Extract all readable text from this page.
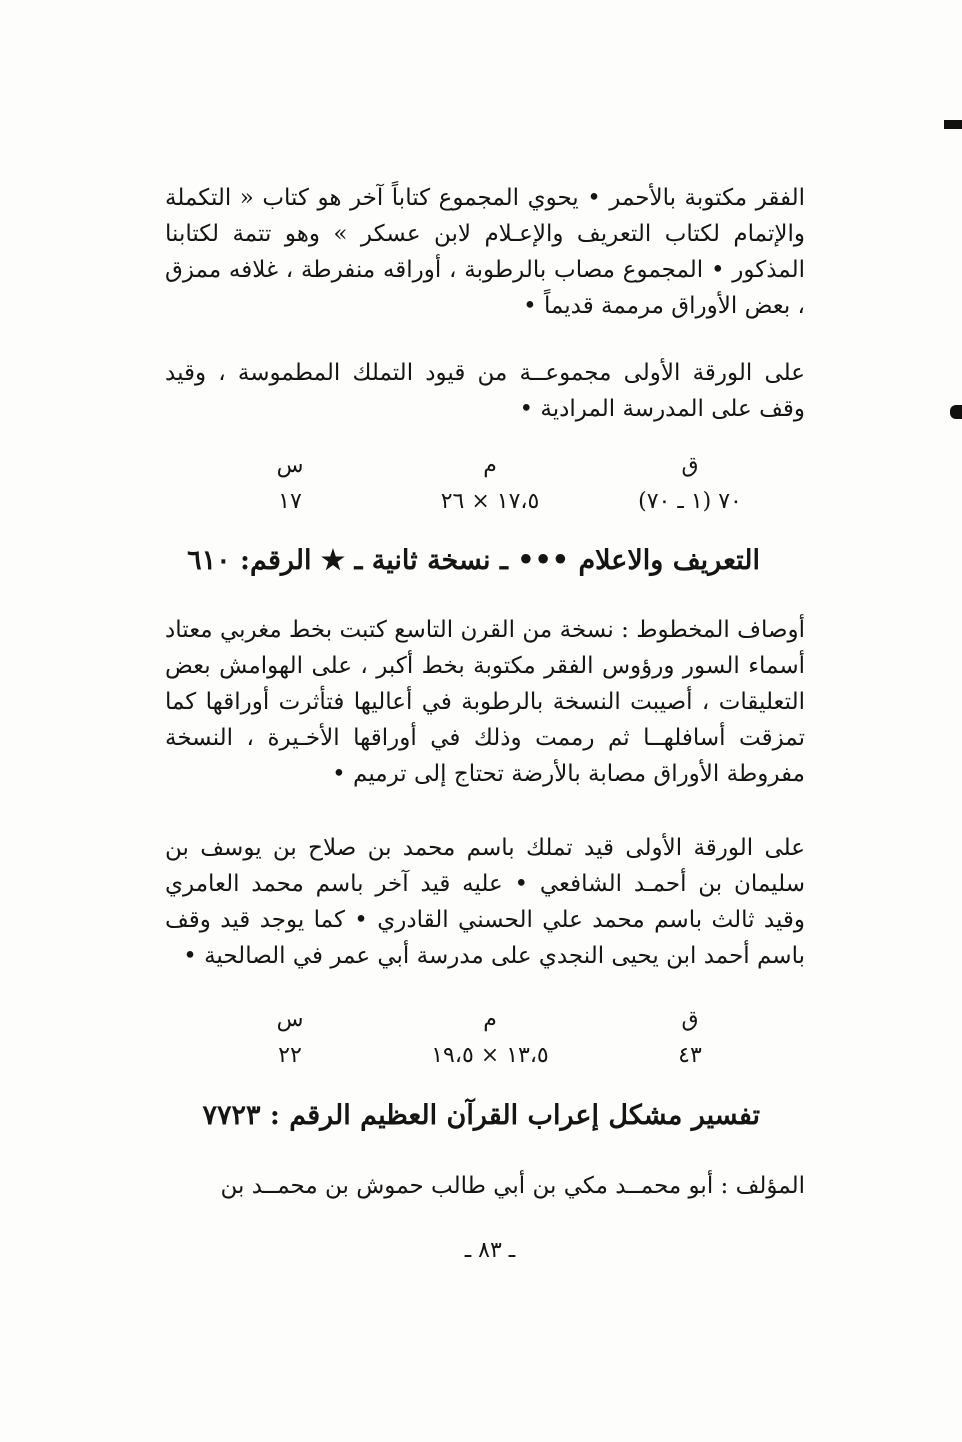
الفقر مكتوبة بالأحمر • يحوي المجموع كتاباً آخر هو كتاب « التكملة والإتمام لكتاب التعريف والإعـلام لابن عسكر » وهو تتمة لكتابنا المذكور • المجموع مصاب بالرطوبة ، أوراقه منفرطة ، غلافه ممزق ، بعض الأوراق مرممة قديماً •

على الورقة الأولى مجموعــة من قيود التملك المطموسة ، وقيد وقف على المدرسة المرادية •

ق
٧٠ (١ ـ ٧٠)
م
١٧،٥ × ٢٦
س
١٧
التعريف والاعلام ••• ـ نسخة ثانية ـ ★ الرقم: ٦١٠

أوصاف المخطوط : نسخة من القرن التاسع كتبت بخط مغربي معتاد أسماء السور ورؤوس الفقر مكتوبة بخط أكبر ، على الهوامش بعض التعليقات ، أصيبت النسخة بالرطوبة في أعاليها فتأثرت أوراقها كما تمزقت أسافلهــا ثم رممت وذلك في أوراقها الأخـيرة ، النسخة مفروطة الأوراق مصابة بالأرضة تحتاج إلى ترميم •

على الورقة الأولى قيد تملك باسم محمد بن صلاح بن يوسف بن سليمان بن أحمـد الشافعي • عليه قيد آخر باسم محمد العامري وقيد ثالث باسم محمد علي الحسني القادري • كما يوجد قيد وقف باسم أحمد ابن يحيى النجدي على مدرسة أبي عمر في الصالحية •

ق
٤٣
م
١٣،٥ × ١٩،٥
س
٢٢
تفسير مشكل إعراب القرآن العظيم الرقم : ٧٧٢٣

المؤلف : أبو محمــد مكي بن أبي طالب حموش بن محمــد بن

ـ ٨٣ ـ
